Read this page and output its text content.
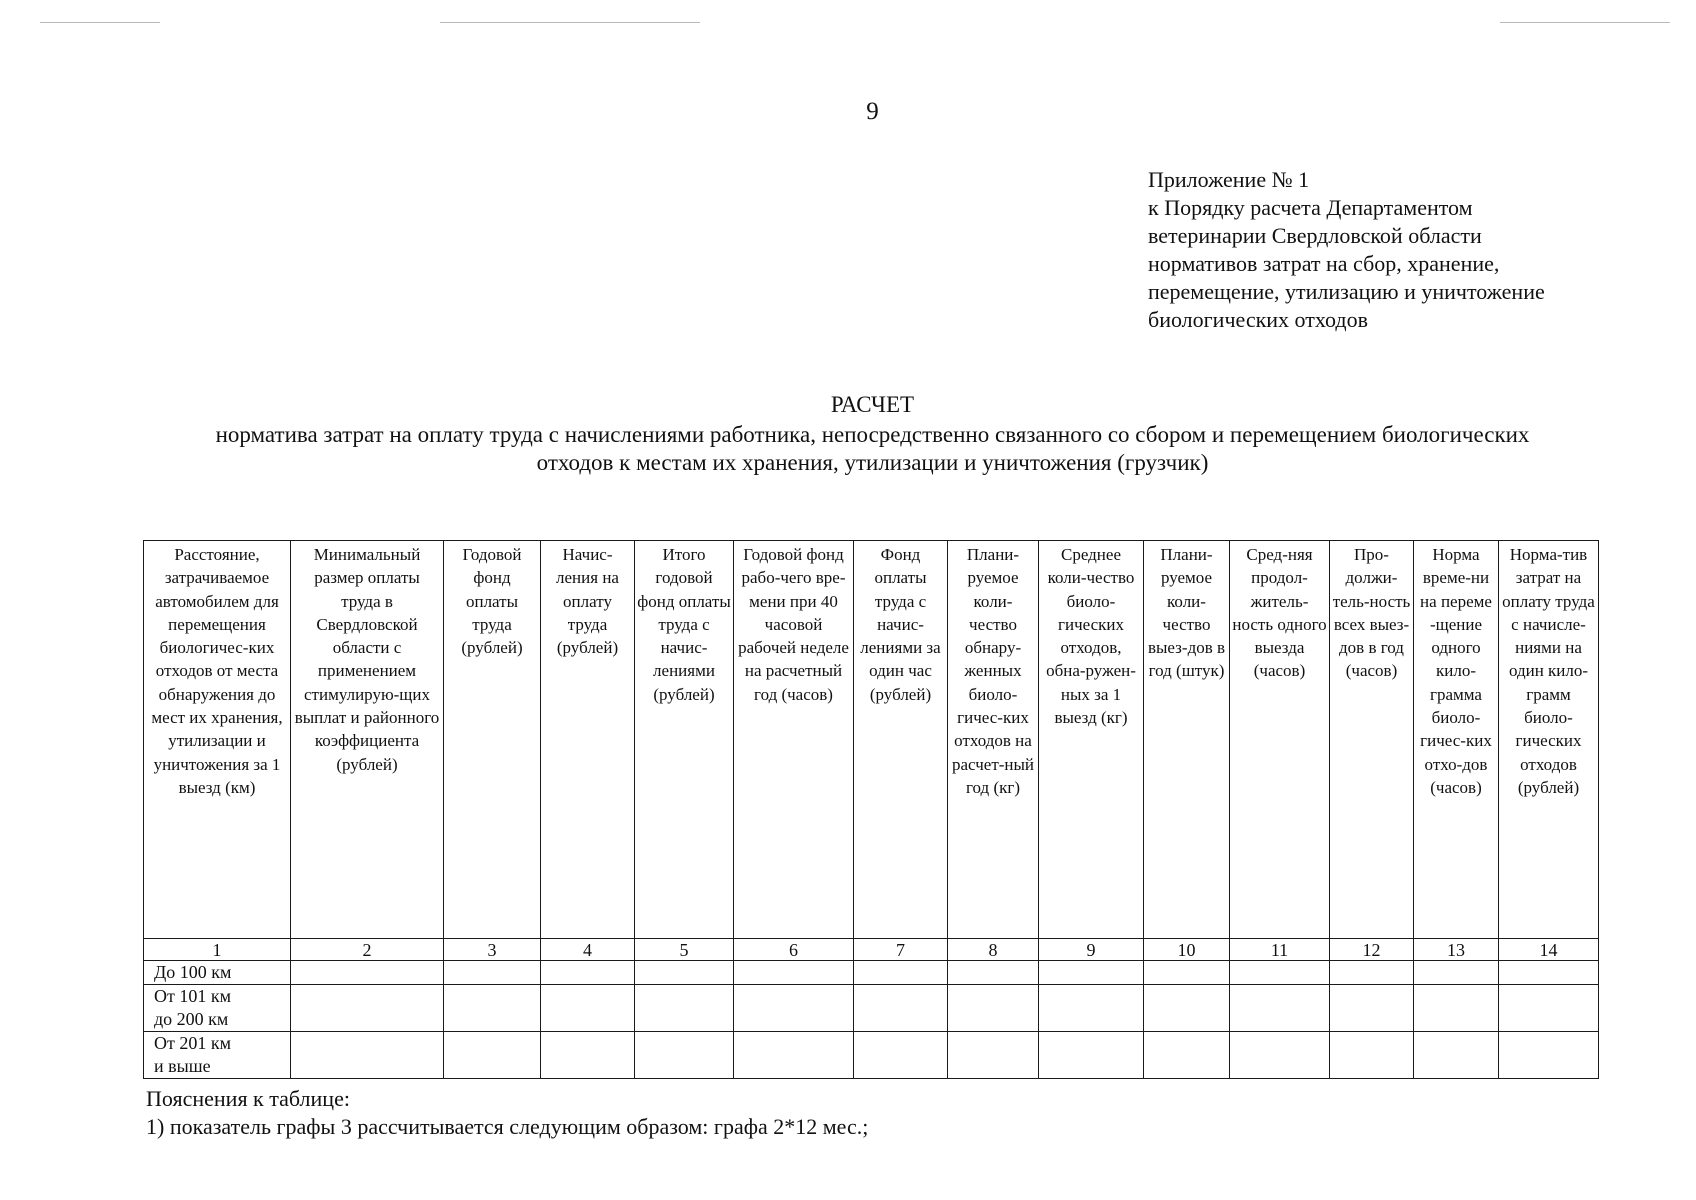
9
Приложение № 1
к Порядку расчета Департаментом
ветеринарии Свердловской области
нормативов затрат на сбор, хранение,
перемещение, утилизацию и уничтожение
биологических отходов
РАСЧЕТ
норматива затрат на оплату труда с начислениями работника, непосредственно связанного со сбором и перемещением биологических
отходов к местам их хранения, утилизации и уничтожения (грузчик)
Расстояние, затрачиваемое автомобилем для перемещения биологичес-ких отходов от места обнаружения до мест их хранения, утилизации и уничтожения за 1 выезд (км)	Минимальный размер оплаты труда в Свердловской области с применением стимулирую-щих выплат и районного коэффициента (рублей)	Годовой фонд оплаты труда (рублей)	Начис-ления на оплату труда (рублей)	Итого годовой фонд оплаты труда с начис-лениями (рублей)	Годовой фонд рабо-чего вре-мени при 40 часовой рабочей неделе на расчетный год (часов)	Фонд оплаты труда с начис-лениями за один час (рублей)	Плани-руемое коли-чество обнару-женных биоло-гичес-ких отходов на расчет-ный год (кг)	Среднее коли-чество биоло-гических отходов, обна-ружен-ных за 1 выезд (кг)	Плани-руемое коли-чество выез-дов в год (штук)	Сред-няя продол-житель-ность одного выезда (часов)	Про-должи-тель-ность всех выез-дов в год (часов)	Норма време-ни на переме -щение одного кило-грамма биоло-гичес-ких отхо-дов (часов)	Норма-тив затрат на оплату труда с начисле-ниями на один кило-грамм биоло-гических отходов (рублей)
1	2	3	4	5	6	7	8	9	10	11	12	13	14

До 100 км													

От 101 км
до 200 км													

От 201 км
и выше													

Пояснения к таблице:
1) показатель графы 3 рассчитывается следующим образом: графа 2*12 мес.;
